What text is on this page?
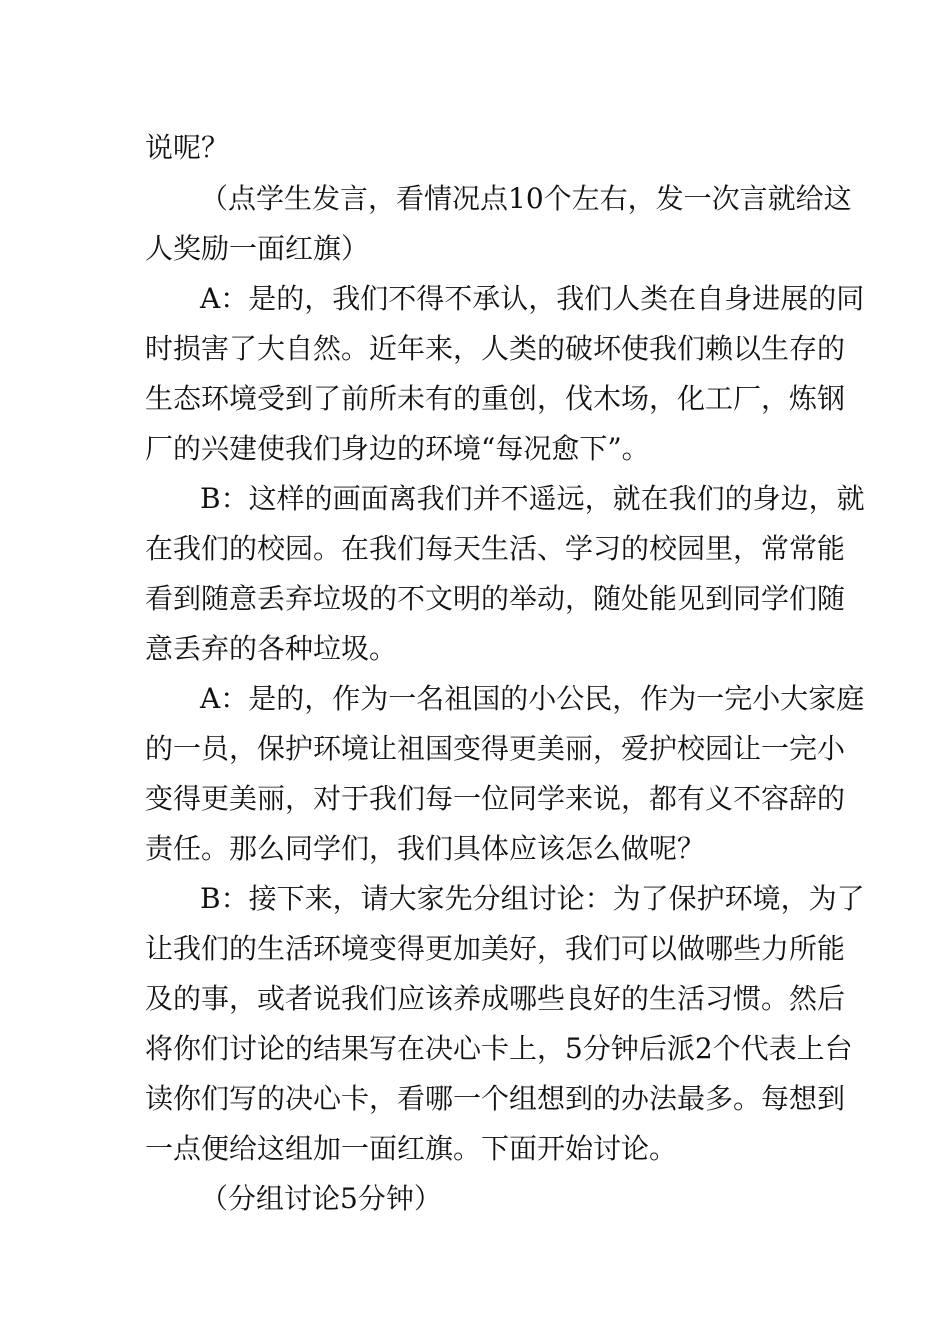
说呢？
（点学生发言，看情况点10个左右，发一次言就给这
人奖励一面红旗）
A：是的，我们不得不承认，我们人类在自身进展的同
时损害了大自然。近年来，人类的破坏使我们赖以生存的
生态环境受到了前所未有的重创，伐木场，化工厂，炼钢
厂的兴建使我们身边的环境“每况愈下”。
B：这样的画面离我们并不遥远，就在我们的身边，就
在我们的校园。在我们每天生活、学习的校园里，常常能
看到随意丢弃垃圾的不文明的举动，随处能见到同学们随
意丢弃的各种垃圾。
A：是的，作为一名祖国的小公民，作为一完小大家庭
的一员，保护环境让祖国变得更美丽，爱护校园让一完小
变得更美丽，对于我们每一位同学来说，都有义不容辞的
责任。那么同学们，我们具体应该怎么做呢？
B：接下来，请大家先分组讨论：为了保护环境，为了
让我们的生活环境变得更加美好，我们可以做哪些力所能
及的事，或者说我们应该养成哪些良好的生活习惯。然后
将你们讨论的结果写在决心卡上，5分钟后派2个代表上台
读你们写的决心卡，看哪一个组想到的办法最多。每想到
一点便给这组加一面红旗。下面开始讨论。
（分组讨论5分钟）
